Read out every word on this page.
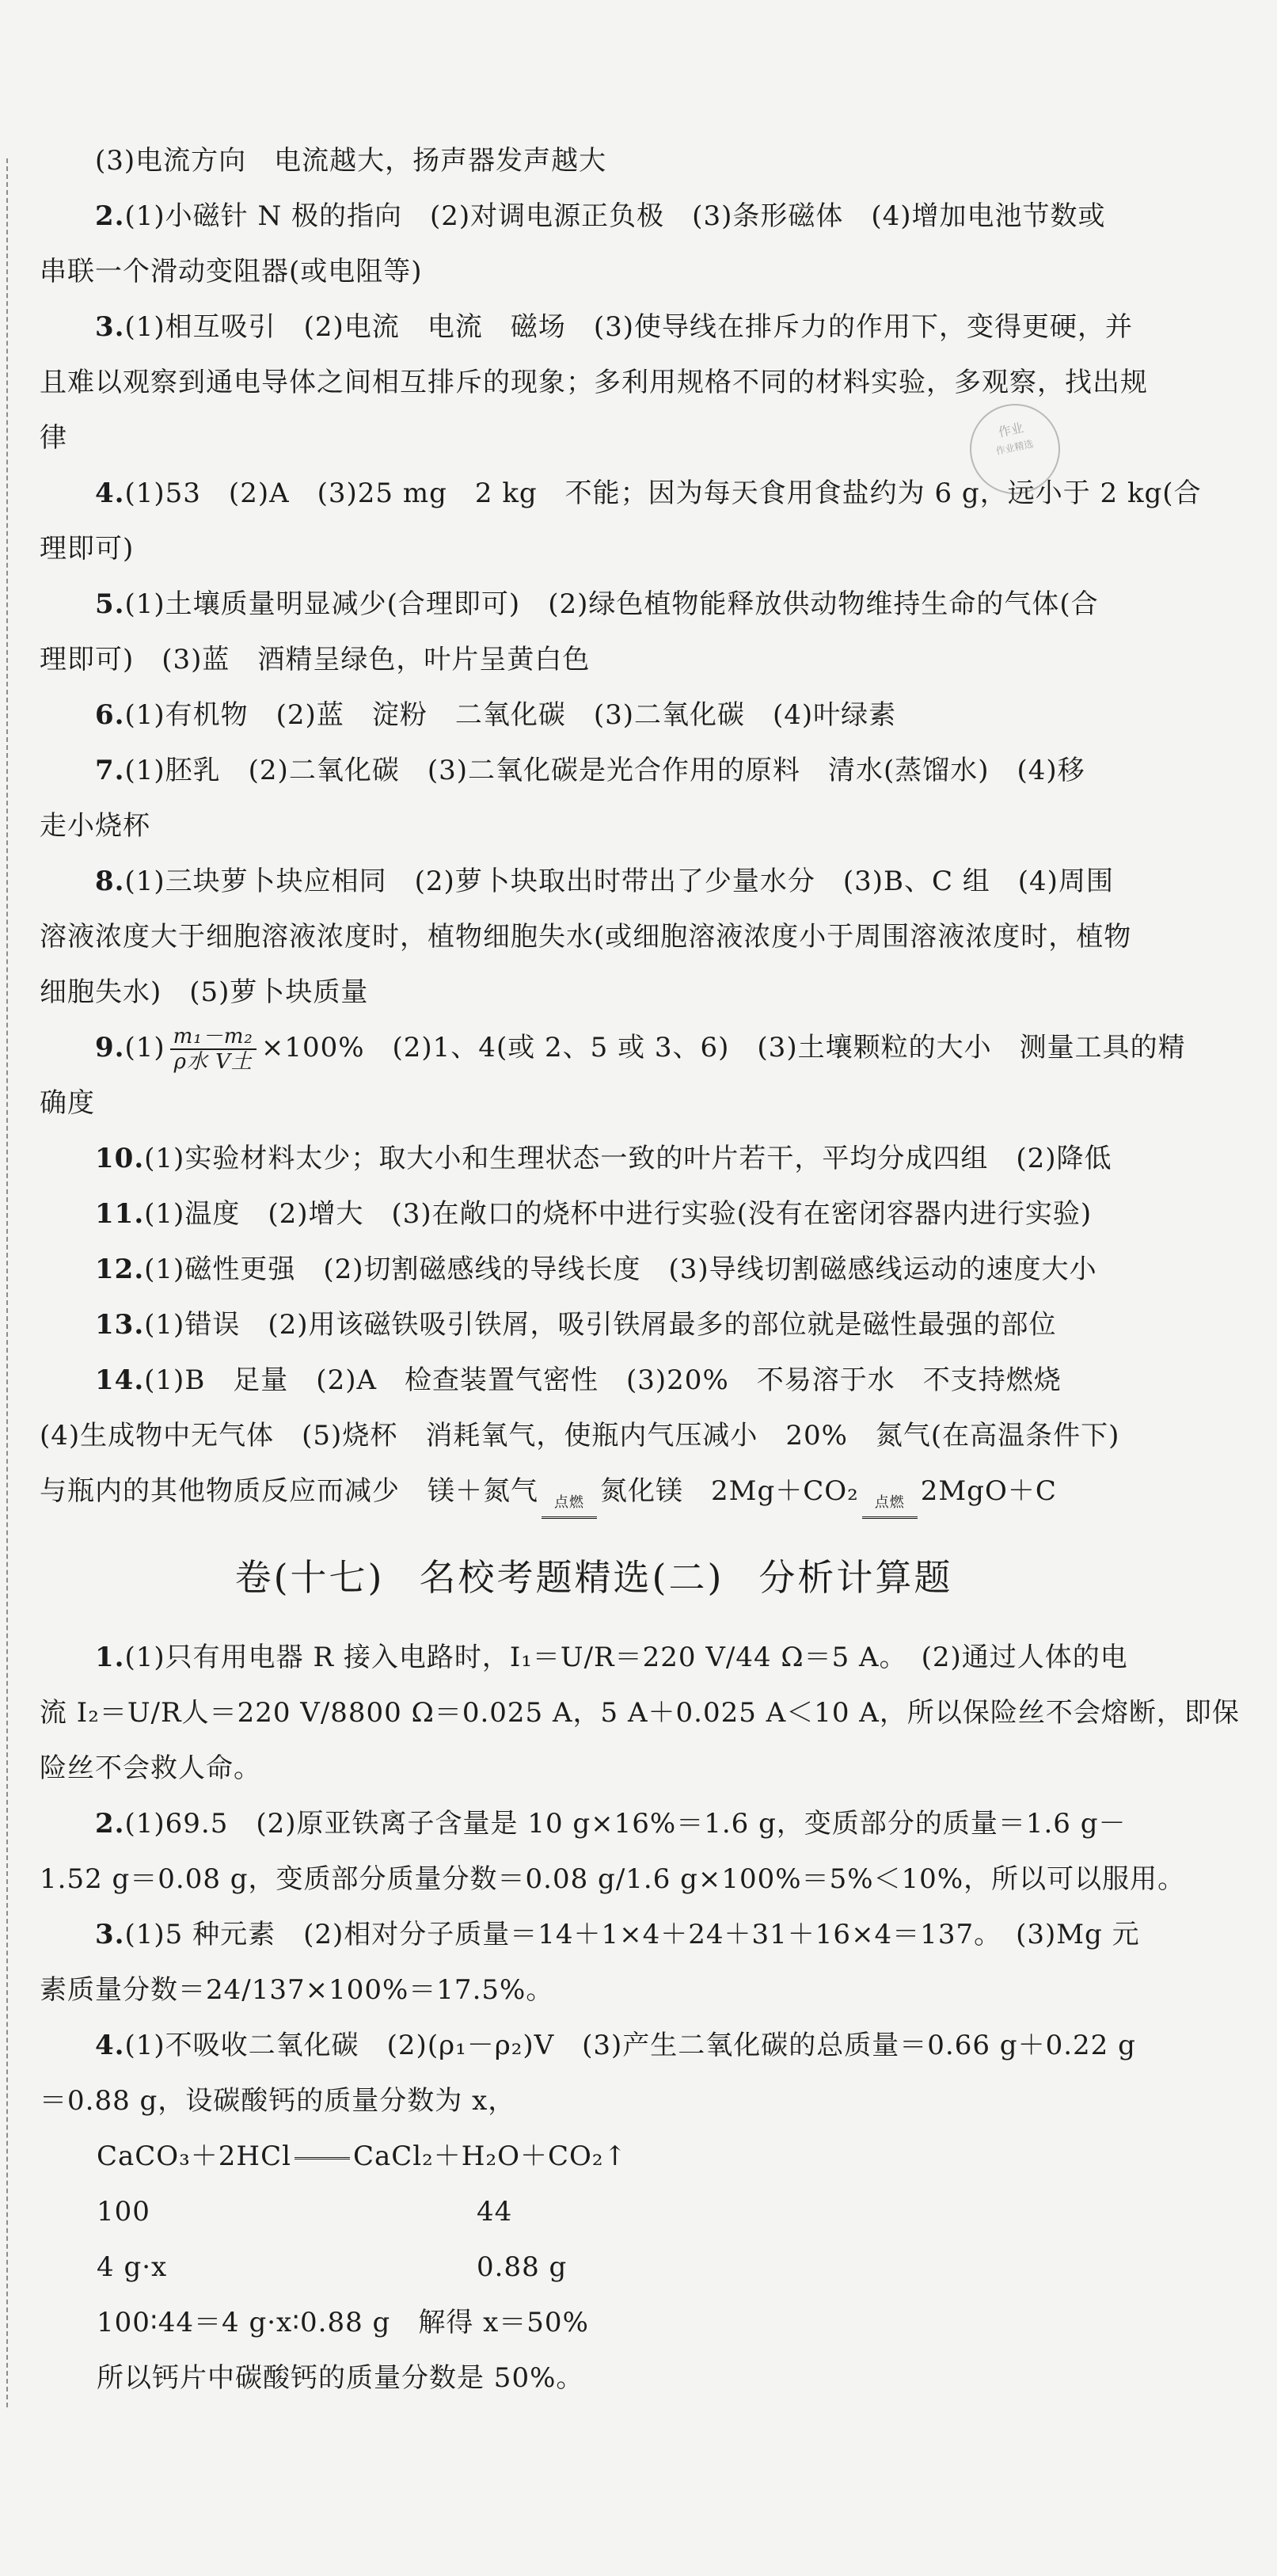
作业
作业精选
(3)电流方向　电流越大，扬声器发声越大
2.(1)小磁针 N 极的指向　(2)对调电源正负极　(3)条形磁体　(4)增加电池节数或
串联一个滑动变阻器(或电阻等)
3.(1)相互吸引　(2)电流　电流　磁场　(3)使导线在排斥力的作用下，变得更硬，并
且难以观察到通电导体之间相互排斥的现象；多利用规格不同的材料实验，多观察，找出规
律
4.(1)53　(2)A　(3)25 mg　2 kg　不能；因为每天食用食盐约为 6 g，远小于 2 kg(合
理即可)
5.(1)土壤质量明显减少(合理即可)　(2)绿色植物能释放供动物维持生命的气体(合
理即可)　(3)蓝　酒精呈绿色，叶片呈黄白色
6.(1)有机物　(2)蓝　淀粉　二氧化碳　(3)二氧化碳　(4)叶绿素
7.(1)胚乳　(2)二氧化碳　(3)二氧化碳是光合作用的原料　清水(蒸馏水)　(4)移
走小烧杯
8.(1)三块萝卜块应相同　(2)萝卜块取出时带出了少量水分　(3)B、C 组　(4)周围
溶液浓度大于细胞溶液浓度时，植物细胞失水(或细胞溶液浓度小于周围溶液浓度时，植物
细胞失水)　(5)萝卜块质量
$9.(1) \frac{\text{m₁－m₂}}{\text{ρ水 V土}} \times 100\%$　(2)1、4(或 2、5 或 3、6)　(3)土壤颗粒的大小　测量工具的精
确度
10.(1)实验材料太少；取大小和生理状态一致的叶片若干，平均分成四组　(2)降低
11.(1)温度　(2)增大　(3)在敞口的烧杯中进行实验(没有在密闭容器内进行实验)
12.(1)磁性更强　(2)切割磁感线的导线长度　(3)导线切割磁感线运动的速度大小
13.(1)错误　(2)用该磁铁吸引铁屑，吸引铁屑最多的部位就是磁性最强的部位
14.(1)B　足量　(2)A　检查装置气密性　(3)20%　不易溶于水　不支持燃烧
(4)生成物中无气体　(5)烧杯　消耗氧气，使瓶内气压减小　20%　氮气(在高温条件下)
与瓶内的其他物质反应而减少　镁＋氮气	点燃 氮化镁　2Mg＋CO₂	点燃 2MgO＋C
卷(十七) 名校考题精选(二) 分析计算题
1.(1)只有用电器 R 接入电路时，I₁＝U/R＝220 V/44 Ω＝5 A。　(2)通过人体的电
流 I₂＝U/R人＝220 V/8800 Ω＝0.025 A，5 A＋0.025 A＜10 A，所以保险丝不会熔断，即保
险丝不会救人命。
2.(1)69.5　(2)原亚铁离子含量是 10 g×16%＝1.6 g，变质部分的质量＝1.6 g－
1.52 g＝0.08 g，变质部分质量分数＝0.08 g/1.6 g×100%＝5%＜10%，所以可以服用。
3.(1)5 种元素　(2)相对分子质量＝14＋1×4＋24＋31＋16×4＝137。　(3)Mg 元
素质量分数＝24/137×100%＝17.5%。
4.(1)不吸收二氧化碳　(2)(ρ₁－ρ₂)V　(3)产生二氧化碳的总质量＝0.66 g＋0.22 g
＝0.88 g，设碳酸钙的质量分数为 x，
CaCO₃＋2HCl CaCl₂＋H₂O＋CO₂↑
100	44
4 g·x	0.88 g
100∶44＝4 g·x∶0.88 g　解得 x＝50%
所以钙片中碳酸钙的质量分数是 50%。
